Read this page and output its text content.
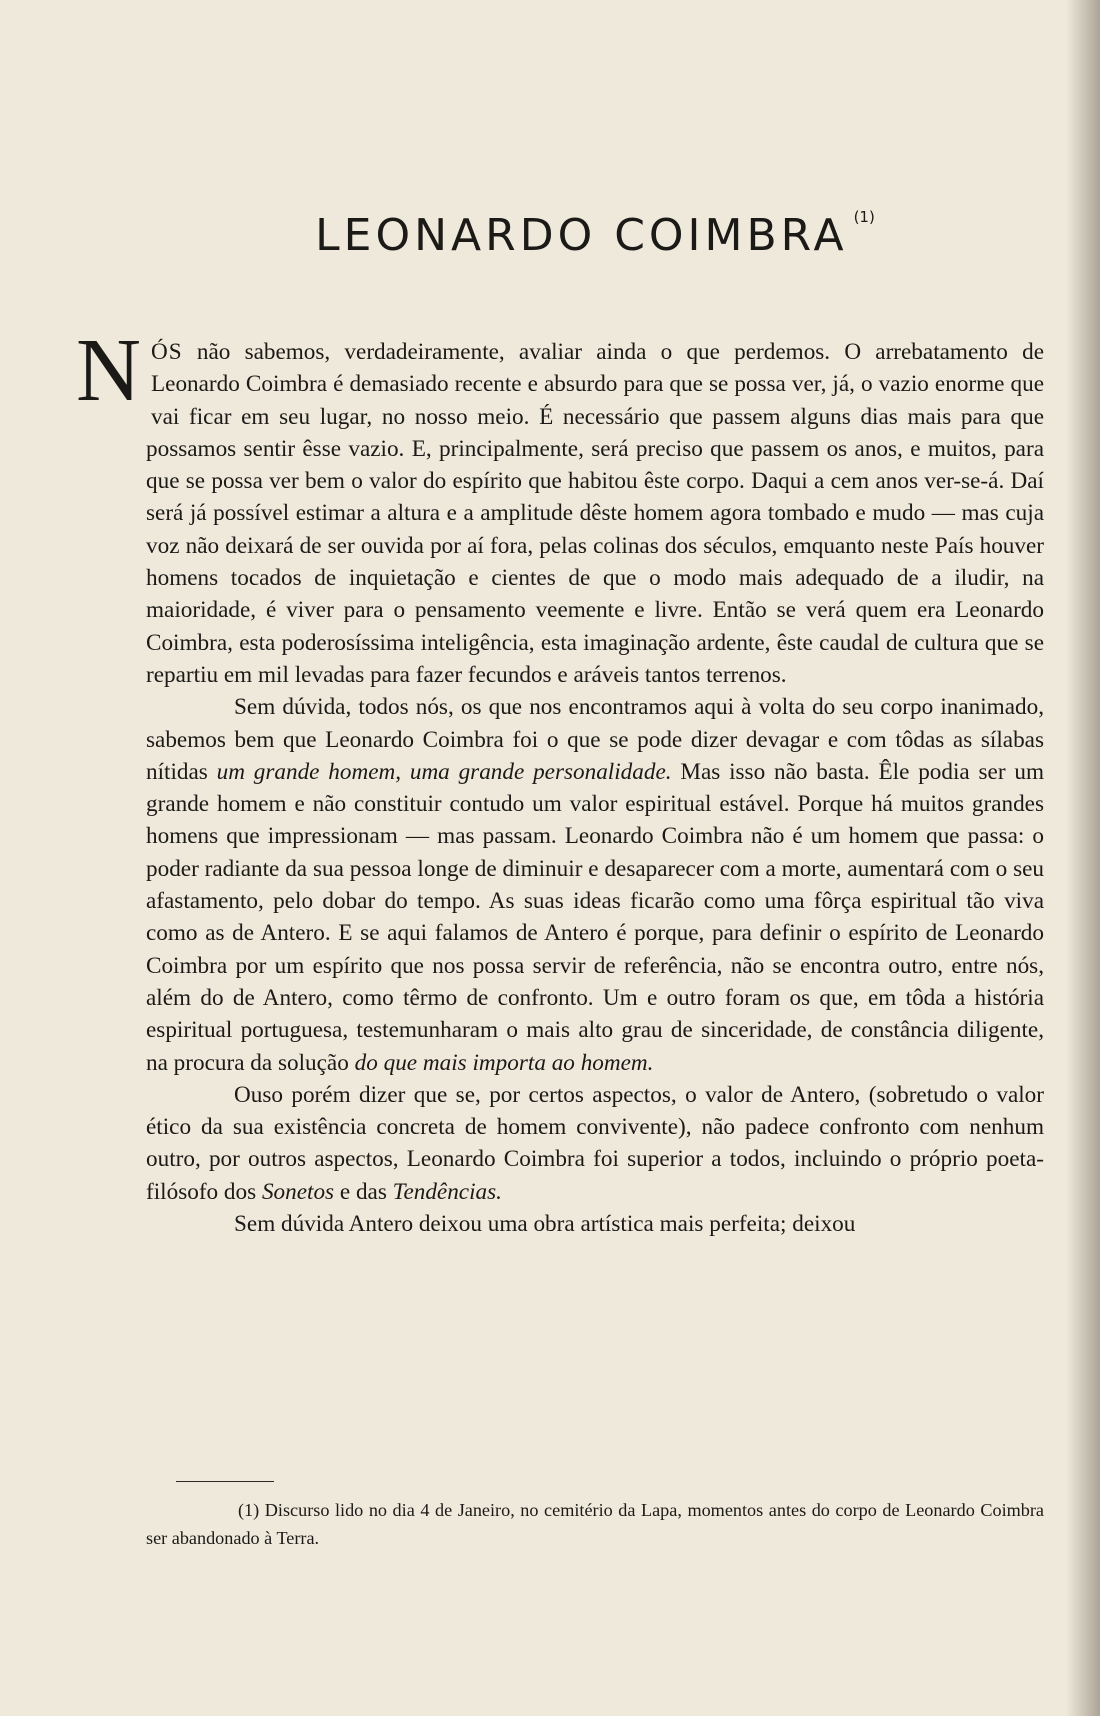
LEONARDO COIMBRA $^{(1)}$

NÓS não sabemos, verdadeiramente, avaliar ainda o que perdemos. O arrebatamento de Leonardo Coimbra é demasiado recente e absurdo para que se possa ver, já, o vazio enorme que vai ficar em seu lugar, no nosso meio. É necessário que passem alguns dias mais para que possamos sentir êsse vazio. E, principalmente, será preciso que passem os anos, e muitos, para que se possa ver bem o valor do espírito que habitou êste corpo. Daqui a cem anos ver-se-á. Daí será já possível estimar a altura e a amplitude dêste homem agora tombado e mudo — mas cuja voz não deixará de ser ouvida por aí fora, pelas colinas dos séculos, emquanto neste País houver homens tocados de inquietação e cientes de que o modo mais adequado de a iludir, na maioridade, é viver para o pensamento veemente e livre. Então se verá quem era Leonardo Coimbra, esta poderosíssima inteligência, esta imaginação ardente, êste caudal de cultura que se repartiu em mil levadas para fazer fecundos e aráveis tantos terrenos.

Sem dúvida, todos nós, os que nos encontramos aqui à volta do seu corpo inanimado, sabemos bem que Leonardo Coimbra foi o que se pode dizer devagar e com tôdas as sílabas nítidas um grande homem, uma grande personalidade. Mas isso não basta. Êle podia ser um grande homem e não constituir contudo um valor espiritual estável. Porque há muitos grandes homens que impressionam — mas passam. Leonardo Coimbra não é um homem que passa: o poder radiante da sua pessoa longe de diminuir e desaparecer com a morte, aumentará com o seu afastamento, pelo dobar do tempo. As suas ideas ficarão como uma fôrça espiritual tão viva como as de Antero. E se aqui falamos de Antero é porque, para definir o espírito de Leonardo Coimbra por um espírito que nos possa servir de referência, não se encontra outro, entre nós, além do de Antero, como têrmo de confronto. Um e outro foram os que, em tôda a história espiritual portuguesa, testemunharam o mais alto grau de sinceridade, de constância diligente, na procura da solução do que mais importa ao homem.

Ouso porém dizer que se, por certos aspectos, o valor de Antero, (sobretudo o valor ético da sua existência concreta de homem convivente), não padece confronto com nenhum outro, por outros aspectos, Leonardo Coimbra foi superior a todos, incluindo o próprio poeta-filósofo dos Sonetos e das Tendências.

Sem dúvida Antero deixou uma obra artística mais perfeita; deixou

(1) Discurso lido no dia 4 de Janeiro, no cemitério da Lapa, momentos antes do corpo de Leonardo Coimbra ser abandonado à Terra.
